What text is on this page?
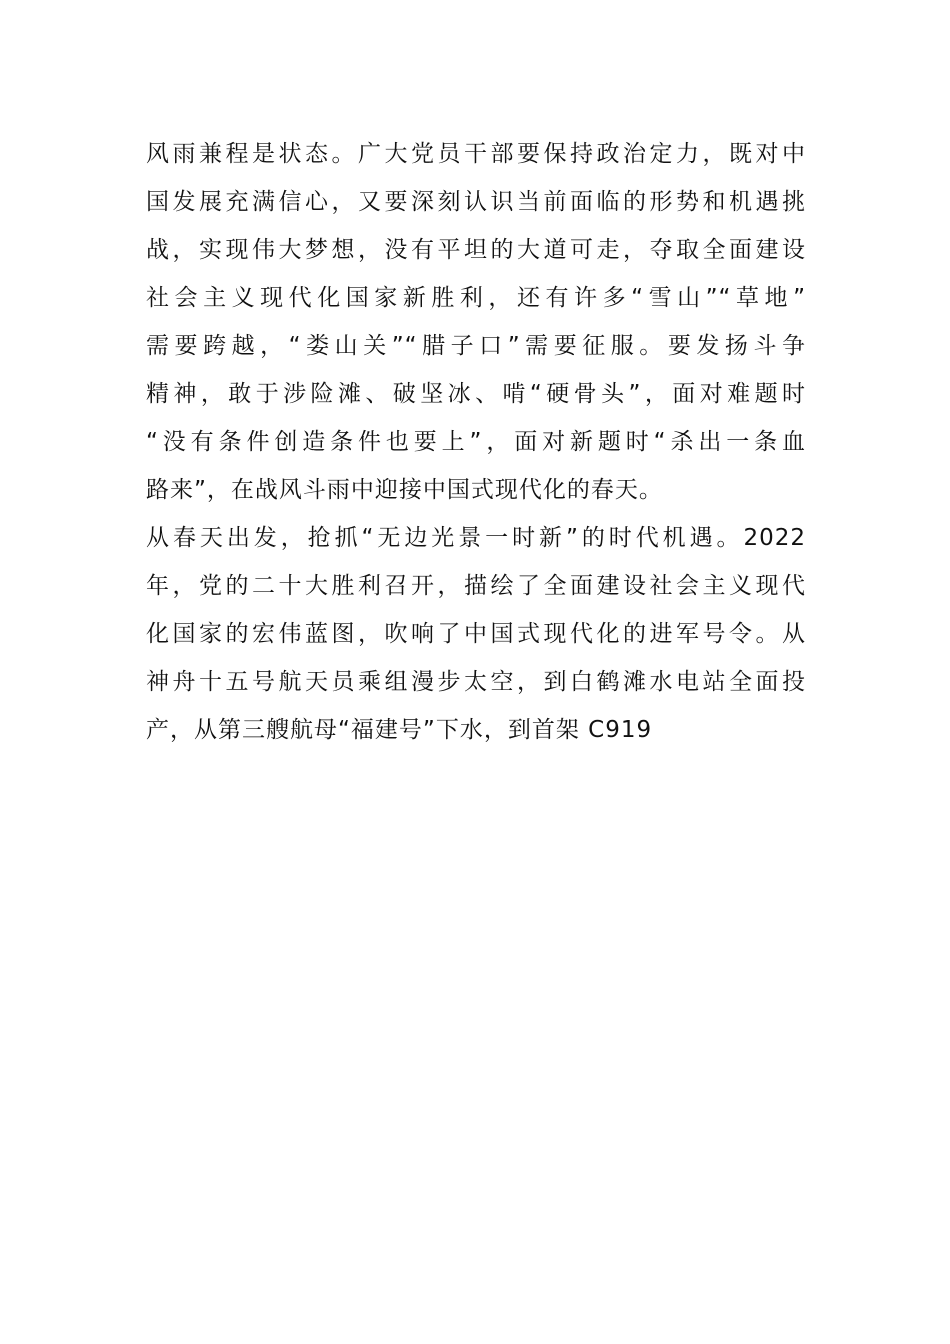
风雨兼程是状态。广大党员干部要保持政治定力，既对中
国发展充满信心，又要深刻认识当前面临的形势和机遇挑
战，实现伟大梦想，没有平坦的大道可走，夺取全面建设
社会主义现代化国家新胜利，还有许多“雪山”“草地”
需要跨越，“娄山关”“腊子口”需要征服。要发扬斗争
精神，敢于涉险滩、破坚冰、啃“硬骨头”，面对难题时
“没有条件创造条件也要上”，面对新题时“杀出一条血
路来”，在战风斗雨中迎接中国式现代化的春天。
从春天出发，抢抓“无边光景一时新”的时代机遇。2022
年，党的二十大胜利召开，描绘了全面建设社会主义现代
化国家的宏伟蓝图，吹响了中国式现代化的进军号令。从
神舟十五号航天员乘组漫步太空，到白鹤滩水电站全面投
产，从第三艘航母“福建号”下水，到首架 C919
